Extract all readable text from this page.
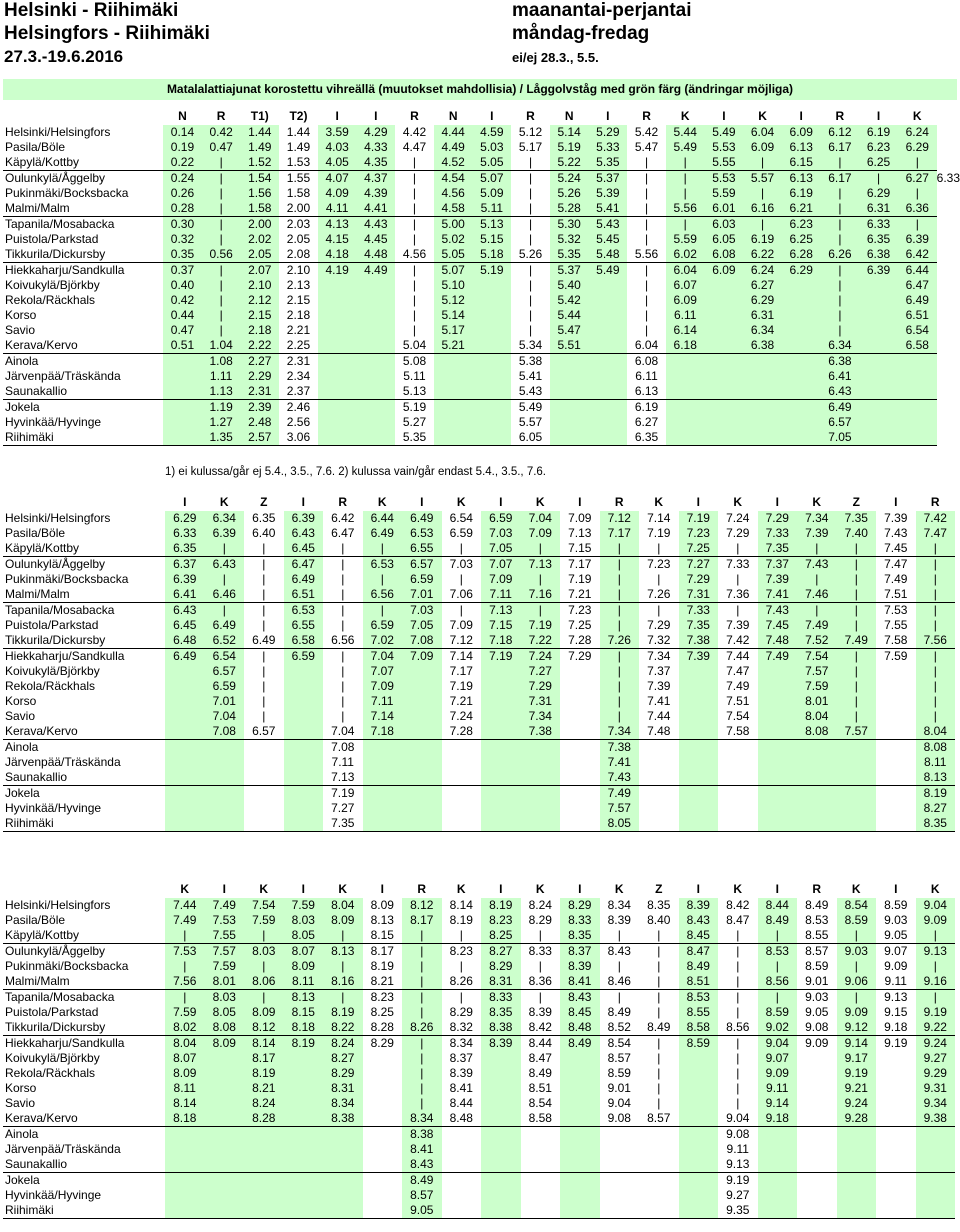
Helsinki - Riihimäki
Helsingfors - Riihimäki
27.3.-19.6.2016
maanantai-perjantai
måndag-fredag
ei/ej 28.3., 5.5.
Matalalattiajunat korostettu vihreällä (muutokset mahdollisia) / Låggolvståg med grön färg (ändringar möjliga)
	N	R	T1)	T2)	I	I	R	N	I	R	N	I	R	K	I	K	I	R	I	K	
Helsinki/Helsingfors	0.14	0.42	1.44	1.44	3.59	4.29	4.42	4.44	4.59	5.12	5.14	5.29	5.42	5.44	5.49	6.04	6.09	6.12	6.19	6.24	
Pasila/Böle	0.19	0.47	1.49	1.49	4.03	4.33	4.47	4.49	5.03	5.17	5.19	5.33	5.47	5.49	5.53	6.09	6.13	6.17	6.23	6.29	
Käpylä/Kottby	0.22	|	1.52	1.53	4.05	4.35	|	4.52	5.05	|	5.22	5.35	|	|	5.55	|	6.15	|	6.25	|	
Oulunkylä/Åggelby	0.24	|	1.54	1.55	4.07	4.37	|	4.54	5.07	|	5.24	5.37	|	|	5.53	5.57	6.13	6.17	|	6.27	6.33
Pukinmäki/Bocksbacka	0.26	|	1.56	1.58	4.09	4.39	|	4.56	5.09	|	5.26	5.39	|	|	5.59	|	6.19	|	6.29	|	
Malmi/Malm	0.28	|	1.58	2.00	4.11	4.41	|	4.58	5.11	|	5.28	5.41	|	5.56	6.01	6.16	6.21	|	6.31	6.36	
Tapanila/Mosabacka	0.30	|	2.00	2.03	4.13	4.43	|	5.00	5.13	|	5.30	5.43	|	|	6.03	|	6.23	|	6.33	|	
Puistola/Parkstad	0.32	|	2.02	2.05	4.15	4.45	|	5.02	5.15	|	5.32	5.45	|	5.59	6.05	6.19	6.25	|	6.35	6.39	
Tikkurila/Dickursby	0.35	0.56	2.05	2.08	4.18	4.48	4.56	5.05	5.18	5.26	5.35	5.48	5.56	6.02	6.08	6.22	6.28	6.26	6.38	6.42	
Hiekkaharju/Sandkulla	0.37	|	2.07	2.10	4.19	4.49	|	5.07	5.19	|	5.37	5.49	|	6.04	6.09	6.24	6.29	|	6.39	6.44	
Koivukylä/Björkby	0.40	|	2.10	2.13			|	5.10		|	5.40		|	6.07		6.27		|		6.47	
Rekola/Räckhals	0.42	|	2.12	2.15			|	5.12		|	5.42		|	6.09		6.29		|		6.49	
Korso	0.44	|	2.15	2.18			|	5.14		|	5.44		|	6.11		6.31		|		6.51	
Savio	0.47	|	2.18	2.21			|	5.17		|	5.47		|	6.14		6.34		|		6.54	
Kerava/Kervo	0.51	1.04	2.22	2.25			5.04	5.21		5.34	5.51		6.04	6.18		6.38		6.34		6.58	
Ainola		1.08	2.27	2.31			5.08			5.38			6.08					6.38			
Järvenpää/Träskända		1.11	2.29	2.34			5.11			5.41			6.11					6.41			
Saunakallio		1.13	2.31	2.37			5.13			5.43			6.13					6.43			
Jokela		1.19	2.39	2.46			5.19			5.49			6.19					6.49			
Hyvinkää/Hyvinge		1.27	2.48	2.56			5.27			5.57			6.27					6.57			
Riihimäki		1.35	2.57	3.06			5.35			6.05			6.35					7.05			
1) ei kulussa/går ej 5.4., 3.5., 7.6. 2) kulussa vain/går endast 5.4., 3.5., 7.6.
	I	K	Z	I	R	K	I	K	I	K	I	R	K	I	K	I	K	Z	I	R
Helsinki/Helsingfors	6.29	6.34	6.35	6.39	6.42	6.44	6.49	6.54	6.59	7.04	7.09	7.12	7.14	7.19	7.24	7.29	7.34	7.35	7.39	7.42
Pasila/Böle	6.33	6.39	6.40	6.43	6.47	6.49	6.53	6.59	7.03	7.09	7.13	7.17	7.19	7.23	7.29	7.33	7.39	7.40	7.43	7.47
Käpylä/Kottby	6.35	|	|	6.45	|	|	6.55	|	7.05	|	7.15	|	|	7.25	|	7.35	|	|	7.45	|
Oulunkylä/Åggelby	6.37	6.43	|	6.47	|	6.53	6.57	7.03	7.07	7.13	7.17	|	7.23	7.27	7.33	7.37	7.43	|	7.47	|
Pukinmäki/Bocksbacka	6.39	|	|	6.49	|	|	6.59	|	7.09	|	7.19	|	|	7.29	|	7.39	|	|	7.49	|
Malmi/Malm	6.41	6.46	|	6.51	|	6.56	7.01	7.06	7.11	7.16	7.21	|	7.26	7.31	7.36	7.41	7.46	|	7.51	|
Tapanila/Mosabacka	6.43	|	|	6.53	|	|	7.03	|	7.13	|	7.23	|	|	7.33	|	7.43	|	|	7.53	|
Puistola/Parkstad	6.45	6.49	|	6.55	|	6.59	7.05	7.09	7.15	7.19	7.25	|	7.29	7.35	7.39	7.45	7.49	|	7.55	|
Tikkurila/Dickursby	6.48	6.52	6.49	6.58	6.56	7.02	7.08	7.12	7.18	7.22	7.28	7.26	7.32	7.38	7.42	7.48	7.52	7.49	7.58	7.56
Hiekkaharju/Sandkulla	6.49	6.54	|	6.59	|	7.04	7.09	7.14	7.19	7.24	7.29	|	7.34	7.39	7.44	7.49	7.54	|	7.59	|
Koivukylä/Björkby		6.57	|		|	7.07		7.17		7.27		|	7.37		7.47		7.57	|		|
Rekola/Räckhals		6.59	|		|	7.09		7.19		7.29		|	7.39		7.49		7.59	|		|
Korso		7.01	|		|	7.11		7.21		7.31		|	7.41		7.51		8.01	|		|
Savio		7.04	|		|	7.14		7.24		7.34		|	7.44		7.54		8.04	|		|
Kerava/Kervo		7.08	6.57		7.04	7.18		7.28		7.38		7.34	7.48		7.58		8.08	7.57		8.04
Ainola					7.08							7.38								8.08
Järvenpää/Träskända					7.11							7.41								8.11
Saunakallio					7.13							7.43								8.13
Jokela					7.19							7.49								8.19
Hyvinkää/Hyvinge					7.27							7.57								8.27
Riihimäki					7.35							8.05								8.35
	K	I	K	I	K	I	R	K	I	K	I	K	Z	I	K	I	R	K	I	K
Helsinki/Helsingfors	7.44	7.49	7.54	7.59	8.04	8.09	8.12	8.14	8.19	8.24	8.29	8.34	8.35	8.39	8.42	8.44	8.49	8.54	8.59	9.04
Pasila/Böle	7.49	7.53	7.59	8.03	8.09	8.13	8.17	8.19	8.23	8.29	8.33	8.39	8.40	8.43	8.47	8.49	8.53	8.59	9.03	9.09
Käpylä/Kottby	|	7.55	|	8.05	|	8.15	|	|	8.25	|	8.35	|	|	8.45	|	|	8.55	|	9.05	|
Oulunkylä/Åggelby	7.53	7.57	8.03	8.07	8.13	8.17	|	8.23	8.27	8.33	8.37	8.43	|	8.47	|	8.53	8.57	9.03	9.07	9.13
Pukinmäki/Bocksbacka	|	7.59	|	8.09	|	8.19	|	|	8.29	|	8.39	|	|	8.49	|	|	8.59	|	9.09	|
Malmi/Malm	7.56	8.01	8.06	8.11	8.16	8.21	|	8.26	8.31	8.36	8.41	8.46	|	8.51	|	8.56	9.01	9.06	9.11	9.16
Tapanila/Mosabacka	|	8.03	|	8.13	|	8.23	|	|	8.33	|	8.43	|	|	8.53	|	|	9.03	|	9.13	|
Puistola/Parkstad	7.59	8.05	8.09	8.15	8.19	8.25	|	8.29	8.35	8.39	8.45	8.49	|	8.55	|	8.59	9.05	9.09	9.15	9.19
Tikkurila/Dickursby	8.02	8.08	8.12	8.18	8.22	8.28	8.26	8.32	8.38	8.42	8.48	8.52	8.49	8.58	8.56	9.02	9.08	9.12	9.18	9.22
Hiekkaharju/Sandkulla	8.04	8.09	8.14	8.19	8.24	8.29	|	8.34	8.39	8.44	8.49	8.54	|	8.59	|	9.04	9.09	9.14	9.19	9.24
Koivukylä/Björkby	8.07		8.17		8.27		|	8.37		8.47		8.57	|		|	9.07		9.17		9.27
Rekola/Räckhals	8.09		8.19		8.29		|	8.39		8.49		8.59	|		|	9.09		9.19		9.29
Korso	8.11		8.21		8.31		|	8.41		8.51		9.01	|		|	9.11		9.21		9.31
Savio	8.14		8.24		8.34		|	8.44		8.54		9.04	|		|	9.14		9.24		9.34
Kerava/Kervo	8.18		8.28		8.38		8.34	8.48		8.58		9.08	8.57		9.04	9.18		9.28		9.38
Ainola							8.38								9.08					
Järvenpää/Träskända							8.41								9.11					
Saunakallio							8.43								9.13					
Jokela							8.49								9.19					
Hyvinkää/Hyvinge							8.57								9.27					
Riihimäki							9.05								9.35					
